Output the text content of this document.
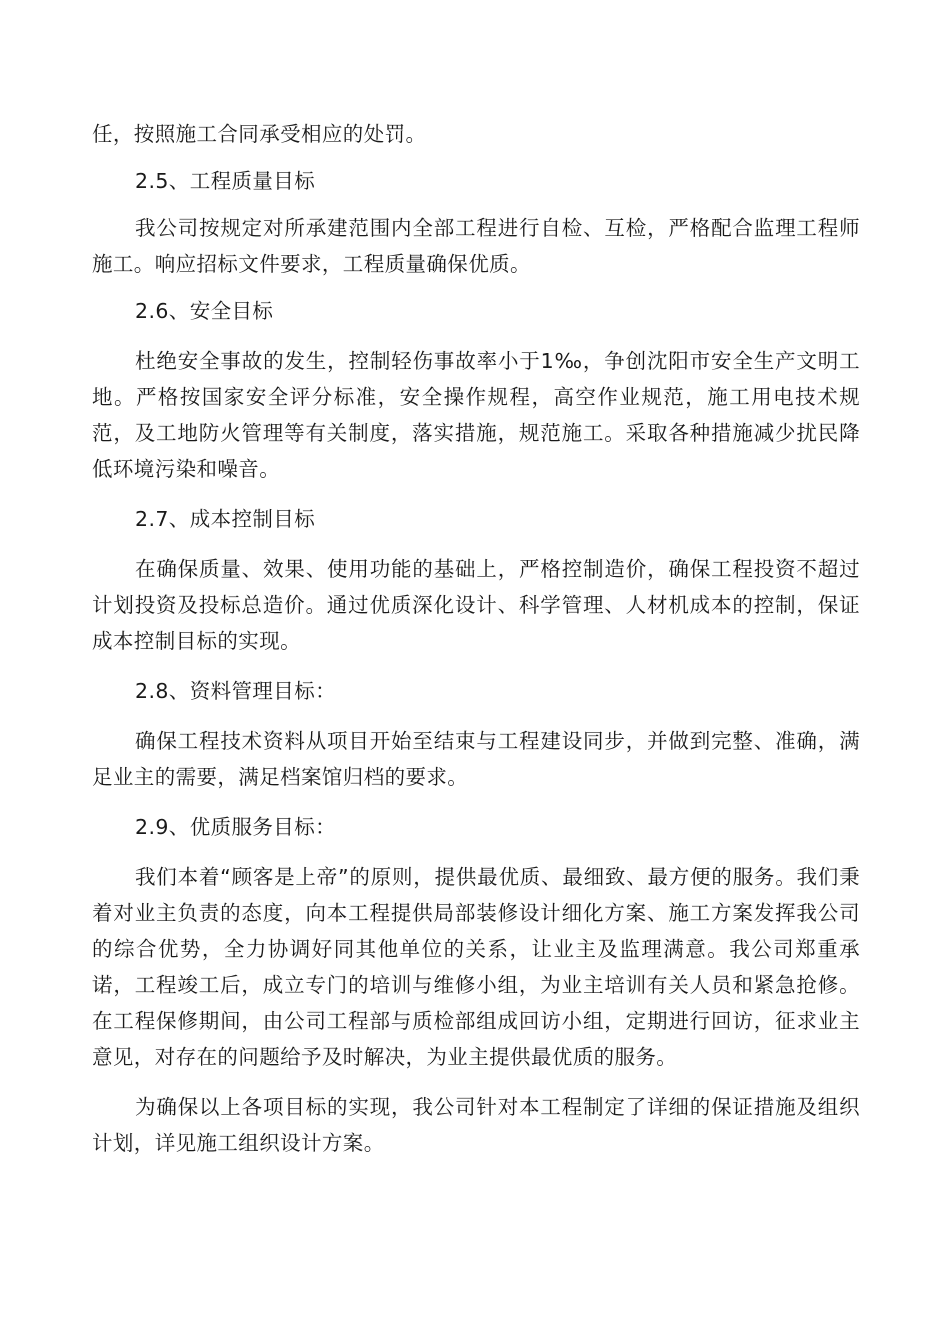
任，按照施工合同承受相应的处罚。

2.5、工程质量目标

我公司按规定对所承建范围内全部工程进行自检、互检，严格配合监理工程师施工。响应招标文件要求，工程质量确保优质。

2.6、安全目标

杜绝安全事故的发生，控制轻伤事故率小于1‰，争创沈阳市安全生产文明工地。严格按国家安全评分标准，安全操作规程，高空作业规范，施工用电技术规范，及工地防火管理等有关制度，落实措施，规范施工。采取各种措施减少扰民降低环境污染和噪音。

2.7、成本控制目标

在确保质量、效果、使用功能的基础上，严格控制造价，确保工程投资不超过计划投资及投标总造价。通过优质深化设计、科学管理、人材机成本的控制，保证成本控制目标的实现。

2.8、资料管理目标：

确保工程技术资料从项目开始至结束与工程建设同步，并做到完整、准确，满足业主的需要，满足档案馆归档的要求。

2.9、优质服务目标：

我们本着“顾客是上帝”的原则，提供最优质、最细致、最方便的服务。我们秉着对业主负责的态度，向本工程提供局部装修设计细化方案、施工方案发挥我公司的综合优势，全力协调好同其他单位的关系，让业主及监理满意。我公司郑重承诺，工程竣工后，成立专门的培训与维修小组，为业主培训有关人员和紧急抢修。在工程保修期间，由公司工程部与质检部组成回访小组，定期进行回访，征求业主意见，对存在的问题给予及时解决，为业主提供最优质的服务。

为确保以上各项目标的实现，我公司针对本工程制定了详细的保证措施及组织计划，详见施工组织设计方案。
